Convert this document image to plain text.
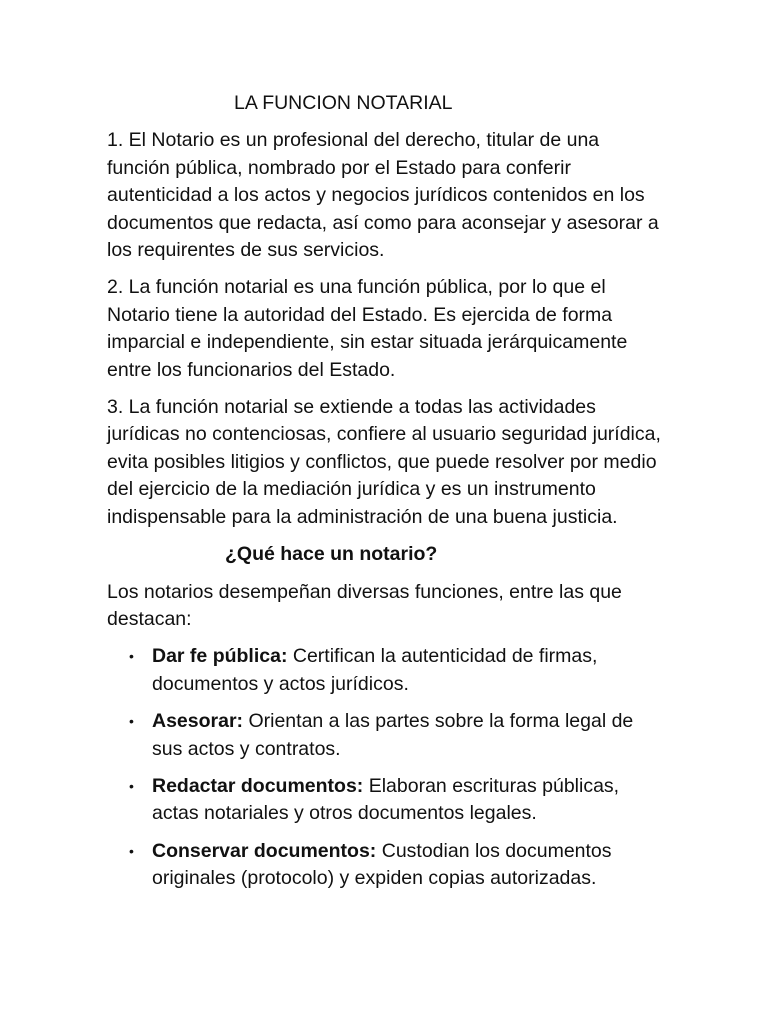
LA FUNCION NOTARIAL

1. El Notario es un profesional del derecho, titular de una función pública, nombrado por el Estado para conferir autenticidad a los actos y negocios jurídicos contenidos en los documentos que redacta, así como para aconsejar y asesorar a los requirentes de sus servicios.

2. La función notarial es una función pública, por lo que el Notario tiene la autoridad del Estado. Es ejercida de forma imparcial e independiente, sin estar situada jerárquicamente entre los funcionarios del Estado.

3. La función notarial se extiende a todas las actividades jurídicas no contenciosas, confiere al usuario seguridad jurídica, evita posibles litigios y conflictos, que puede resolver por medio del ejercicio de la mediación jurídica y es un instrumento indispensable para la administración de una buena justicia.

¿Qué hace un notario?

Los notarios desempeñan diversas funciones, entre las que destacan:

• Dar fe pública: Certifican la autenticidad de firmas, documentos y actos jurídicos.
• Asesorar: Orientan a las partes sobre la forma legal de sus actos y contratos.
• Redactar documentos: Elaboran escrituras públicas, actas notariales y otros documentos legales.
• Conservar documentos: Custodian los documentos originales (protocolo) y expiden copias autorizadas.
